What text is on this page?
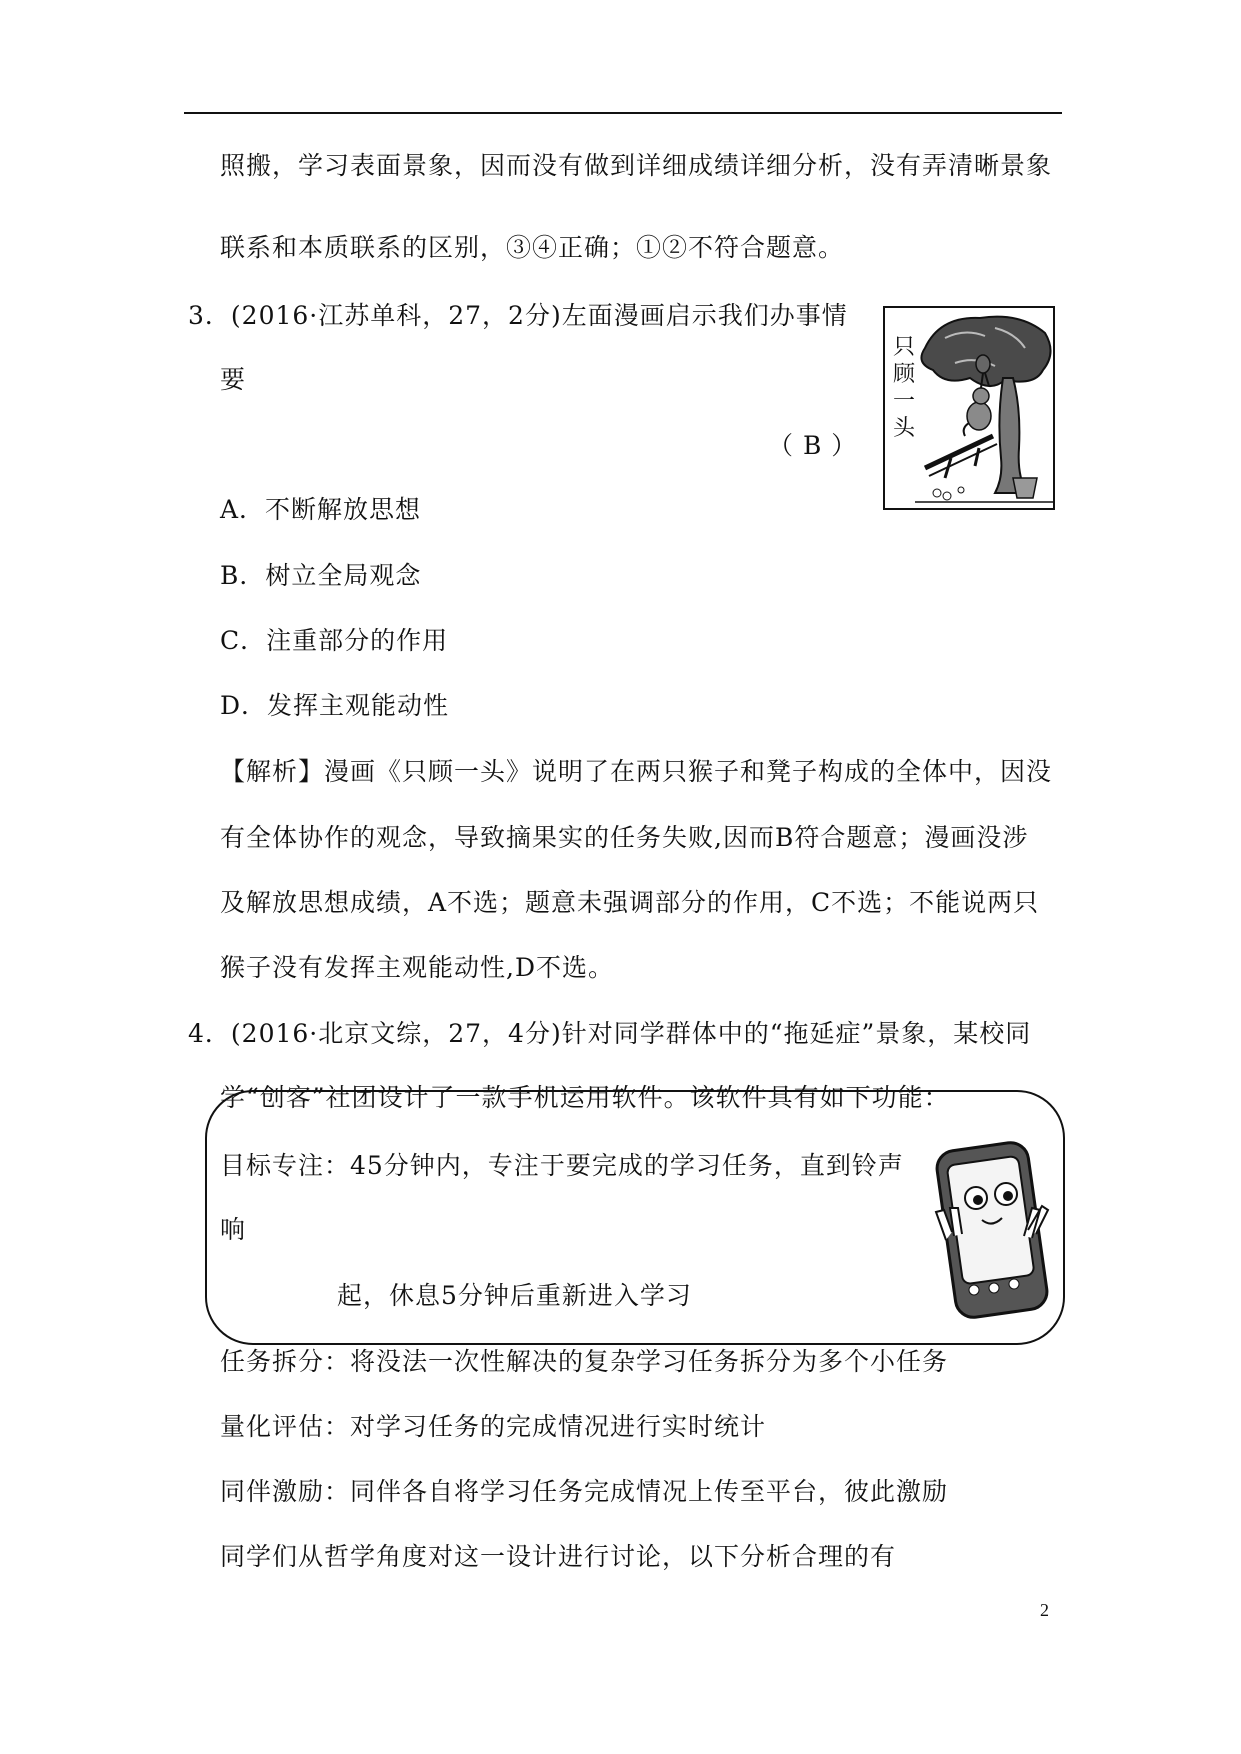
照搬，学习表面景象，因而没有做到详细成绩详细分析，没有弄清晰景象
联系和本质联系的区别，③④正确；①②不符合题意。
3．(2016·江苏单科，27，2分)左面漫画启示我们办事情
要
（ B ）
只
顾
一
头
A．不断解放思想
B．树立全局观念
C．注重部分的作用
D．发挥主观能动性
【解析】漫画《只顾一头》说明了在两只猴子和凳子构成的全体中，因没
有全体协作的观念，导致摘果实的任务失败,因而B符合题意；漫画没涉
及解放思想成绩，A不选；题意未强调部分的作用，C不选；不能说两只
猴子没有发挥主观能动性,D不选。
4．(2016·北京文综，27，4分)针对同学群体中的“拖延症”景象，某校同
学“创客”社团设计了一款手机运用软件。该软件具有如下功能：
目标专注：45分钟内，专注于要完成的学习任务，直到铃声
响
起，休息5分钟后重新进入学习
任务拆分：将没法一次性解决的复杂学习任务拆分为多个小任务
量化评估：对学习任务的完成情况进行实时统计
同伴激励：同伴各自将学习任务完成情况上传至平台，彼此激励
同学们从哲学角度对这一设计进行讨论，以下分析合理的有
2
